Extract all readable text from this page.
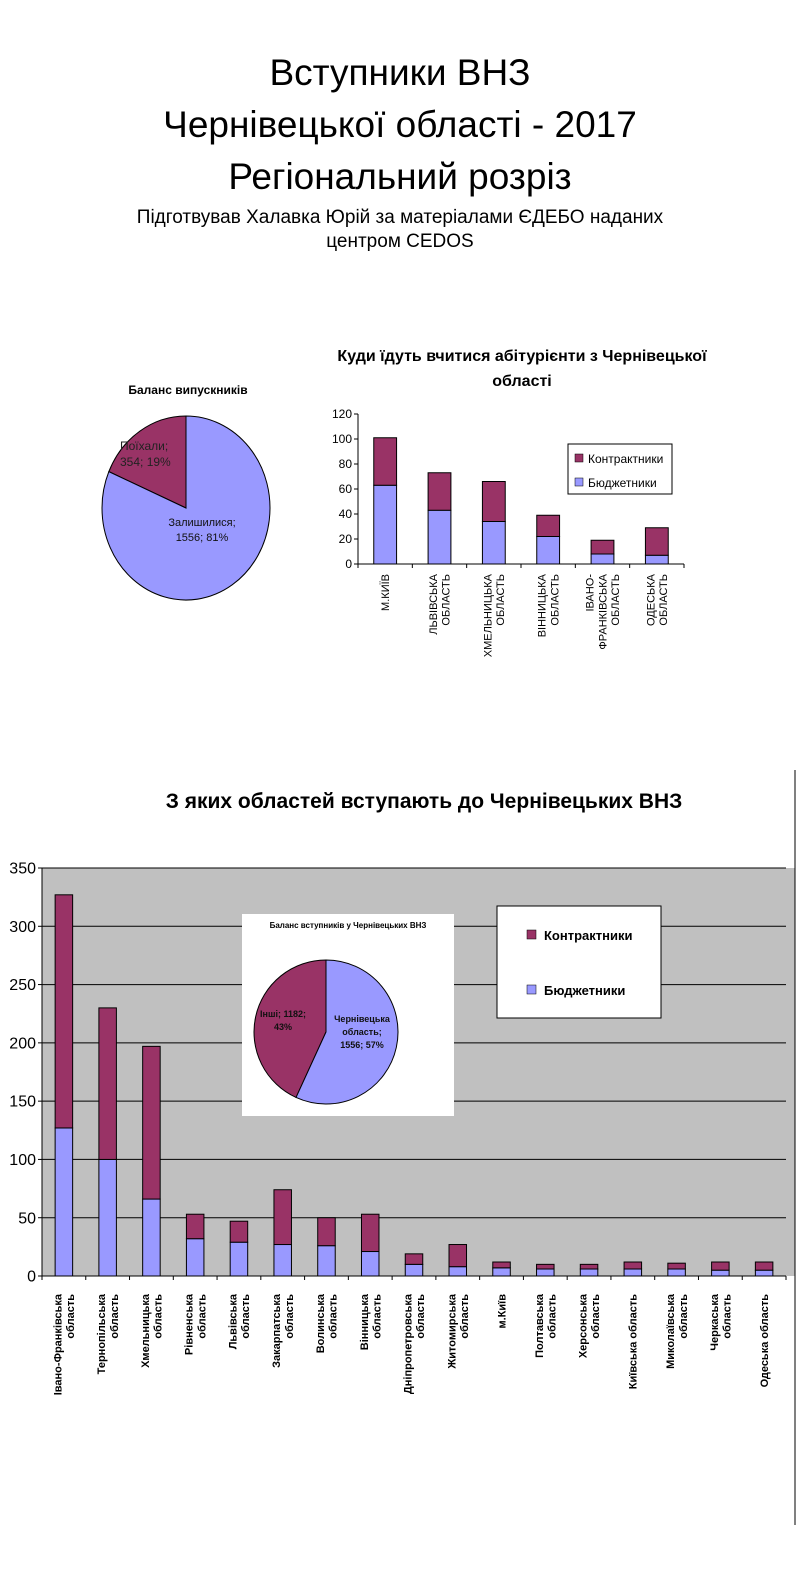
Вступники ВНЗ
Чернівецької області - 2017
Регіональний розріз
Підготвував Халавка Юрій за матеріалами ЄДЕБО наданих
центром CEDOS
Баланс випускників
Поїхали; 354; 19%
Залишилися; 1556; 81%
Куди їдуть вчитися абітурієнти з Чернівецької
області
0
20
40
60
80
100
120
М.КИЇВ	ЛЬВІВСЬКА ОБЛАСТЬ	ХМЕЛЬНИЦЬКА ОБЛАСТЬ	ВІННИЦЬКА ОБЛАСТЬ ІВАНО- ФРАНКІВСЬКА ОБЛАСТЬ ОДЕСЬКА ОБЛАСТЬ
Контрактники
Бюджетники
З яких областей вступають до Чернівецьких ВНЗ
0
50
100
150
200
250
300
350
Івано-Франківська область Тернопільська область Хмельницька область Рівненська область Львівська область Закарпатська область Волинська область Вінницька область Дніпропетровська область Житомирська область м.Київ Полтавська область Херсонська область Київська область Миколаївська область Черкаська область Одеська область
Контрактники
Бюджетники
Баланс вступників у Чернівецьких ВНЗ
Інші; 1182; 43%
Чернівецька область; 1556; 57%
